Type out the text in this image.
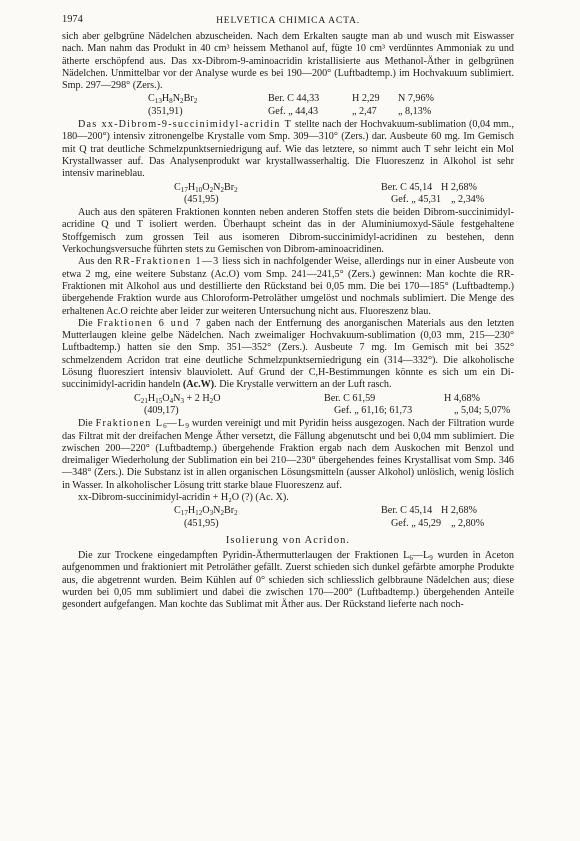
1974	HELVETICA CHIMICA ACTA.

sich aber gelbgrüne Nädelchen abzuscheiden. Nach dem Erkalten saugte man ab und wusch mit Eiswasser nach. Man nahm das Produkt in 40 cm³ heissem Methanol auf, fügte 10 cm³ verdünntes Ammoniak zu und ätherte erschöpfend aus. Das xx-Dibrom-9-aminoacridin kristallisierte aus Methanol-Äther in gelbgrünen Nädelchen. Unmittelbar vor der Analyse wurde es bei 190—200° (Luftbadtemp.) im Hochvakuum sublimiert. Smp. 297—298° (Zers.).

$C_{13}H_8N_2Br_2$	Ber. C 44,33	H 2,29	N 7,96%
(351,91)	Gef. „ 44,43	„ 2,47	„ 8,13%

Das xx-Dibrom-9-succinimidyl-acridin T stellte nach der Hochvakuum-sublimation (0,04 mm., 180—200°) intensiv zitronengelbe Krystalle vom Smp. 309—310° (Zers.) dar. Ausbeute 60 mg. Im Gemisch mit Q trat deutliche Schmelzpunktserniedrigung auf. Wie das letztere, so nimmt auch T sehr leicht ein Mol Krystallwasser auf. Das Analysenprodukt war krystallwasserhaltig. Die Fluoreszenz in Alkohol ist sehr intensiv marineblau.

$C_{17}H_{10}O_2N_2Br_2$	Ber. C 45,14 H 2,68%
(451,95)	Gef. „ 45,31 „ 2,34%

Auch aus den späteren Fraktionen konnten neben anderen Stoffen stets die beiden Dibrom-succinimidyl-acridine Q und T isoliert werden. Überhaupt scheint das in der Aluminiumoxyd-Säule festgehaltene Stoffgemisch zum grossen Teil aus isomeren Dibrom-succinimidyl-acridinen zu bestehen, denn Verkochungsversuche führten stets zu Gemischen von Dibrom-aminoacridinen.

Aus den RR-Fraktionen 1—3 liess sich in nachfolgender Weise, allerdings nur in einer Ausbeute von etwa 2 mg, eine weitere Substanz (Ac.O) vom Smp. 241—241,5° (Zers.) gewinnen: Man kochte die RR-Fraktionen mit Alkohol aus und destillierte den Rückstand bei 0,05 mm. Die bei 170—185° (Luftbadtemp.) übergehende Fraktion wurde aus Chloroform-Petroläther umgelöst und nochmals sublimiert. Die Menge des erhaltenen Ac.O reichte aber leider zur weiteren Untersuchung nicht aus. Fluoreszenz blau.

Die Fraktionen 6 und 7 gaben nach der Entfernung des anorganischen Materials aus den letzten Mutterlaugen kleine gelbe Nädelchen. Nach zweimaliger Hochvakuum-sublimation (0,03 mm, 215—230° Luftbadtemp.) hatten sie den Smp. 351—352° (Zers.). Ausbeute 7 mg. Im Gemisch mit bei 352° schmelzendem Acridon trat eine deutliche Schmelzpunktserniedrigung ein (314—332°). Die alkoholische Lösung fluoresziert intensiv blauviolett. Auf Grund der C,H-Bestimmungen könnte es sich um ein Di-succinimidyl-acridin handeln (Ac.W). Die Krystalle verwittern an der Luft rasch.

$C_{21}H_{15}O_4N_3 + 2$ $H_2O$	Ber. C 61,59	H 4,68%
(409,17)	Gef. „ 61,16; 61,73	„ 5,04; 5,07%

Die Fraktionen $L_6—L_9$ wurden vereinigt und mit Pyridin heiss ausgezogen. Nach der Filtration wurde das Filtrat mit der dreifachen Menge Äther versetzt, die Fällung abgenutscht und bei 0,04 mm sublimiert. Die zwischen 200—220° (Luftbadtemp.) übergehende Fraktion ergab nach dem Auskochen mit Benzol und dreimaliger Wiederholung der Sublimation ein bei 210—230° übergehendes feines Krystallisat vom Smp. 346—348° (Zers.). Die Substanz ist in allen organischen Lösungsmitteln (ausser Alkohol) unlöslich, wenig löslich in Wasser. In alkoholischer Lösung tritt starke blaue Fluoreszenz auf.

xx-Dibrom-succinimidyl-acridin + H₂O (?) (Ac. X).

$C_{17}H_{12}O_3N_2Br_2$	Ber. C 45,14 H 2,68%
(451,95)	Gef. „ 45,29 „ 2,80%
Isolierung von Acridon.

Die zur Trockene eingedampften Pyridin-Äthermutterlaugen der Fraktionen $L_6—L_9$ wurden in Aceton aufgenommen und fraktioniert mit Petroläther gefällt. Zuerst schieden sich dunkel gefärbte amorphe Produkte aus, die abgetrennt wurden. Beim Kühlen auf 0° schieden sich schliesslich gelbbraune Nädelchen aus; diese wurden bei 0,05 mm sublimiert und dabei die zwischen 170—200° (Luftbadtemp.) übergehenden Anteile gesondert aufgefangen. Man kochte das Sublimat mit Äther aus. Der Rückstand lieferte nach noch-
